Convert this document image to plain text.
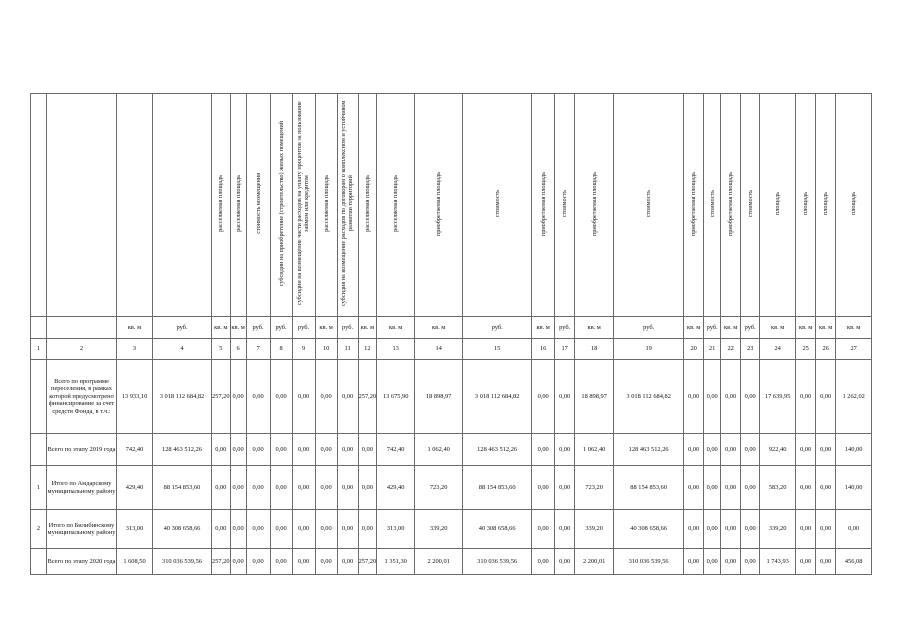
				расселяемая площадь	расселяемая площадь	стоимость возмещения	субсидии на приобретение (строительство) жилых помещений	субсидии на возмещение части расходов на уплату процентов за пользование займом или кредитом	расселяемая площадь	субсидия на возмещение расходов по договорам о комплексном и устойчивом развитии территорий	расселяемая площадь	расселяемая площадь	приобретаемая площадь	стоимость	приобретаемая площадь	стоимость	приобретаемая площадь	стоимость	приобретаемая площадь	стоимость	приобретаемая площадь	стоимость	площадь	площадь	площадь	площадь
		кв. м	руб.	кв. м	кв. м	руб.	руб.	руб.	кв. м	руб.	кв. м	кв. м	кв. м	руб.	кв. м	руб.	кв. м	руб.	кв. м	руб.	кв. м	руб.	кв. м	кв. м	кв. м	кв. м
1	2	3	4	5	6	7	8	9	10	11	12	13	14	15	16	17	18	19	20	21	22	23	24	25	26	27
	Всего по программе переселения, в рамках которой предусмотрено финансирование за счет средств Фонда, в т.ч.:	13 933,10	3 018 112 684,82	257,20	0,00	0,00	0,00	0,00	0,00	0,00	257,20	13 675,90	18 898,97	3 018 112 684,82	0,00	0,00	18 898,97	3 018 112 684,82	0,00	0,00	0,00	0,00	17 639,95	0,00	0,00	1 262,02
	Всего по этапу 2019 года	742,40	128 463 512,26	0,00	0,00	0,00	0,00	0,00	0,00	0,00	0,00	742,40	1 062,40	128 463 512,26	0,00	0,00	1 062,40	128 463 512,26	0,00	0,00	0,00	0,00	922,40	0,00	0,00	140,00
1	Итого по Амдарскому муниципальному району	429,40	88 154 853,60	0,00	0,00	0,00	0,00	0,00	0,00	0,00	0,00	429,40	723,20	88 154 853,60	0,00	0,00	723,20	88 154 853,60	0,00	0,00	0,00	0,00	583,20	0,00	0,00	140,00
2	Итого по Билибинскому муниципальному району	313,00	40 308 658,66	0,00	0,00	0,00	0,00	0,00	0,00	0,00	0,00	313,00	339,20	40 308 658,66	0,00	0,00	339,20	40 308 658,66	0,00	0,00	0,00	0,00	339,20	0,00	0,00	0,00
	Всего по этапу 2020 года	1 608,50	310 036 539,56	257,20	0,00	0,00	0,00	0,00	0,00	0,00	257,20	1 351,30	2 200,01	310 036 539,56	0,00	0,00	2 200,01	310 036 539,56	0,00	0,00	0,00	0,00	1 743,93	0,00	0,00	456,08
